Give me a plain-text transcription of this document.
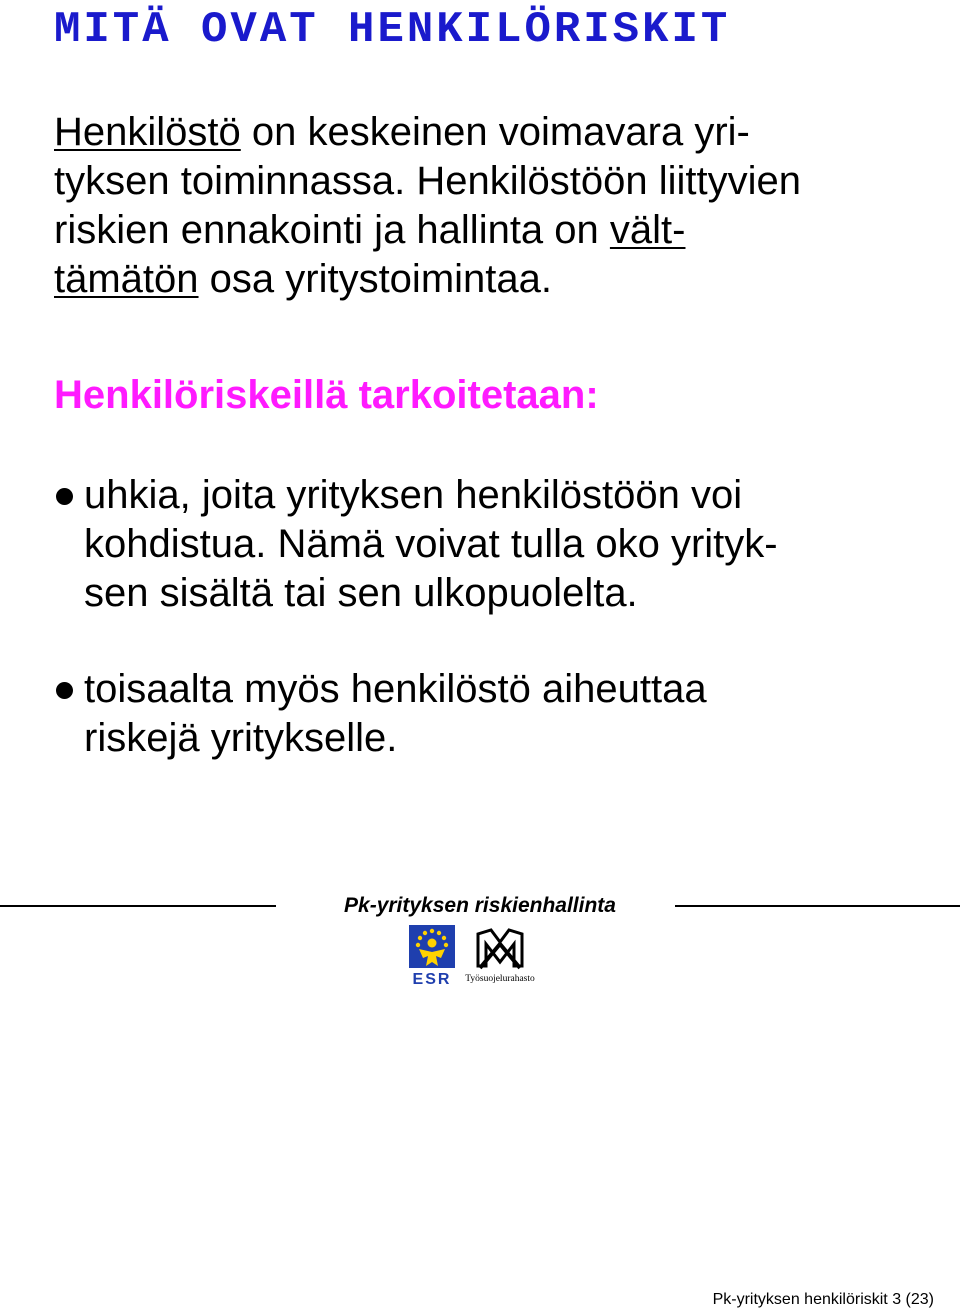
MITÄ OVAT HENKILÖRISKIT
Henkilöstö on keskeinen voimavara yri-
tyksen toiminnassa. Henkilöstöön liittyvien
riskien ennakointi ja hallinta on vält-
tämätön osa yritystoimintaa.
Henkilöriskeillä tarkoitetaan:
uhkia, joita yrityksen henkilöstöön voi
kohdistua. Nämä voivat tulla oko yrityk-
sen sisältä tai sen ulkopuolelta.
toisaalta myös henkilöstö aiheuttaa
riskejä yritykselle.
Pk-yrityksen riskienhallinta
ESR Työsuojelurahasto

Pk-yrityksen henkilöriskit 3 (23)
